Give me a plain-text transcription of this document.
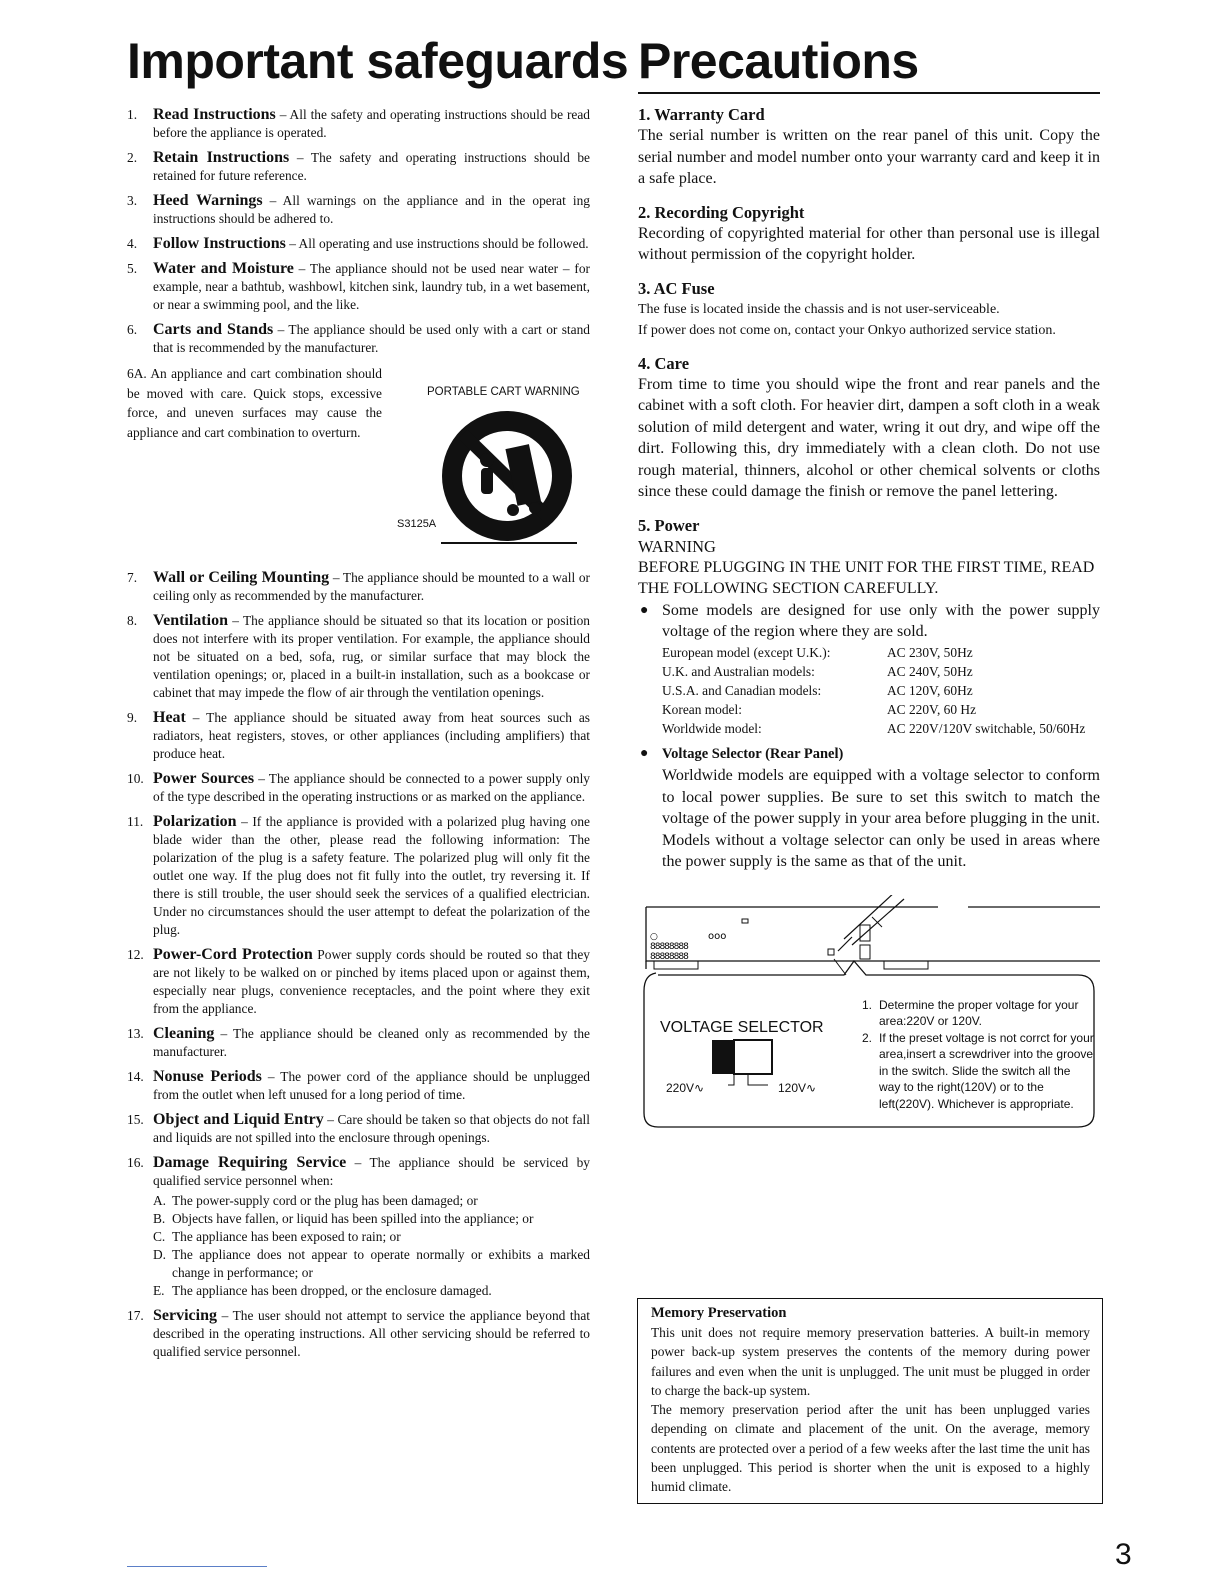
Important safeguards Precautions
1. Read Instructions – All the safety and operating instructions should be read before the appliance is operated.
2. Retain Instructions – The safety and operating instructions should be retained for future reference.
3. Heed Warnings – All warnings on the appliance and in the operat ing instructions should be adhered to.
4. Follow Instructions – All operating and use instructions should be followed.
5. Water and Moisture – The appliance should not be used near water – for example, near a bathtub, washbowl, kitchen sink, laundry tub, in a wet basement, or near a swimming pool, and the like.
6. Carts and Stands – The appliance should be used only with a cart or stand that is recommended by the manufacturer.
6A. An appliance and cart combination should be moved with care. Quick stops, excessive force, and uneven surfaces may cause the appliance and cart combination to overturn.
PORTABLE CART WARNING
S3125A
7. Wall or Ceiling Mounting – The appliance should be mounted to a wall or ceiling only as recommended by the manufacturer.
8. Ventilation – The appliance should be situated so that its location or position does not interfere with its proper ventilation. For example, the appliance should not be situated on a bed, sofa, rug, or similar surface that may block the ventilation openings; or, placed in a built-in installation, such as a bookcase or cabinet that may impede the flow of air through the ventilation openings.
9. Heat – The appliance should be situated away from heat sources such as radiators, heat registers, stoves, or other appliances (including amplifiers) that produce heat.
10. Power Sources – The appliance should be connected to a power supply only of the type described in the operating instructions or as marked on the appliance.
11. Polarization – If the appliance is provided with a polarized plug having one blade wider than the other, please read the following information: The polarization of the plug is a safety feature. The polarized plug will only fit the outlet one way. If the plug does not fit fully into the outlet, try reversing it. If there is still trouble, the user should seek the services of a qualified electrician. Under no circumstances should the user attempt to defeat the polarization of the plug.
12. Power-Cord Protection Power supply cords should be routed so that they are not likely to be walked on or pinched by items placed upon or against them, especially near plugs, convenience receptacles, and the point where they exit from the appliance.
13. Cleaning – The appliance should be cleaned only as recommended by the manufacturer.
14. Nonuse Periods – The power cord of the appliance should be unplugged from the outlet when left unused for a long period of time.
15. Object and Liquid Entry – Care should be taken so that objects do not fall and liquids are not spilled into the enclosure through openings.
16. Damage Requiring Service – The appliance should be serviced by qualified service personnel when:
A. The power-supply cord or the plug has been damaged; or
B. Objects have fallen, or liquid has been spilled into the appliance; or
C. The appliance has been exposed to rain; or
D. The appliance does not appear to operate normally or exhibits a marked change in performance; or
E. The appliance has been dropped, or the enclosure damaged.
17. Servicing – The user should not attempt to service the appliance beyond that described in the operating instructions. All other servicing should be referred to qualified service personnel.
1. Warranty Card
The serial number is written on the rear panel of this unit. Copy the serial number and model number onto your warranty card and keep it in a safe place.
2. Recording Copyright
Recording of copyrighted material for other than personal use is illegal without permission of the copyright holder.
3. AC Fuse
The fuse is located inside the chassis and is not user-serviceable.
If power does not come on, contact your Onkyo authorized service station.
4. Care
From time to time you should wipe the front and rear panels and the cabinet with a soft cloth. For heavier dirt, dampen a soft cloth in a weak solution of mild detergent and water, wring it out dry, and wipe off the dirt. Following this, dry immediately with a clean cloth. Do not use rough material, thinners, alcohol or other chemical solvents or cloths since these could damage the finish or remove the panel lettering.
5. Power
WARNING
BEFORE PLUGGING IN THE UNIT FOR THE FIRST TIME, READ THE FOLLOWING SECTION CAREFULLY.
● Some models are designed for use only with the power supply voltage of the region where they are sold.
European model (except U.K.):	AC 230V, 50Hz
U.K. and Australian models:	AC 240V, 50Hz
U.S.A. and Canadian models:	AC 120V, 60Hz
Korean model:	AC 220V, 60 Hz
Worldwide model:	AC 220V/120V switchable, 50/60Hz
● Voltage Selector (Rear Panel)
Worldwide models are equipped with a voltage selector to conform to local power supplies. Be sure to set this switch to match the voltage of the power supply in your area before plugging in the unit. Models without a voltage selector can only be used in areas where the power supply is the same as that of the unit.
○	ooo
88888888
88888888
VOLTAGE SELECTOR
220V∿	120V∿
1. Determine the proper voltage for your area:220V or 120V.
2. If the preset voltage is not corrct for your area,insert a screwdriver into the groove in the switch. Slide the switch all the way to the right(120V) or to the left(220V). Whichever is appropriate.
Memory Preservation
This unit does not require memory preservation batteries. A built-in memory power back-up system preserves the contents of the memory during power failures and even when the unit is unplugged. The unit must be plugged in order to charge the back-up system.
The memory preservation period after the unit has been unplugged varies depending on climate and placement of the unit. On the average, memory contents are protected over a period of a few weeks after the last time the unit has been unplugged. This period is shorter when the unit is exposed to a highly humid climate.
3
